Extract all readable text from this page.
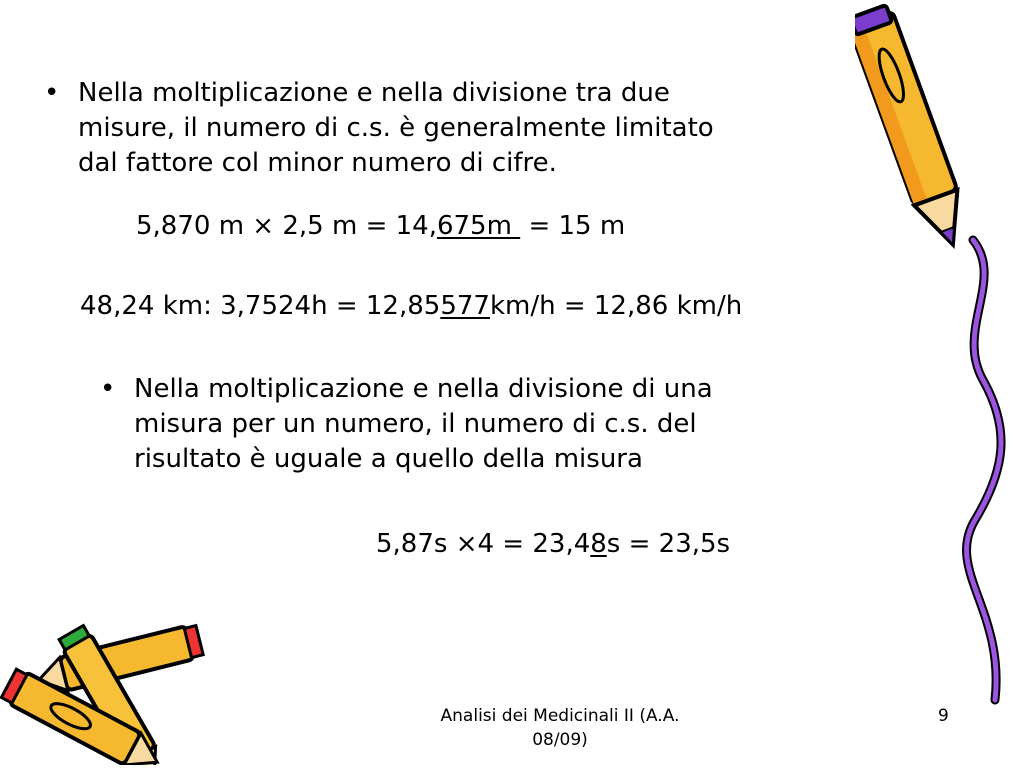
• Nella moltiplicazione e nella divisione tra due
misure, il numero di c.s. è generalmente limitato
dal fattore col minor numero di cifre.
5,870 m × 2,5 m = 14,675m  = 15 m
48,24 km: 3,7524h = 12,85577km/h = 12,86 km/h
• Nella moltiplicazione e nella divisione di una
misura per un numero, il numero di c.s. del
risultato è uguale a quello della misura
5,87s ×4 = 23,48s = 23,5s
Analisi dei Medicinali II (A.A.
08/09)
9
